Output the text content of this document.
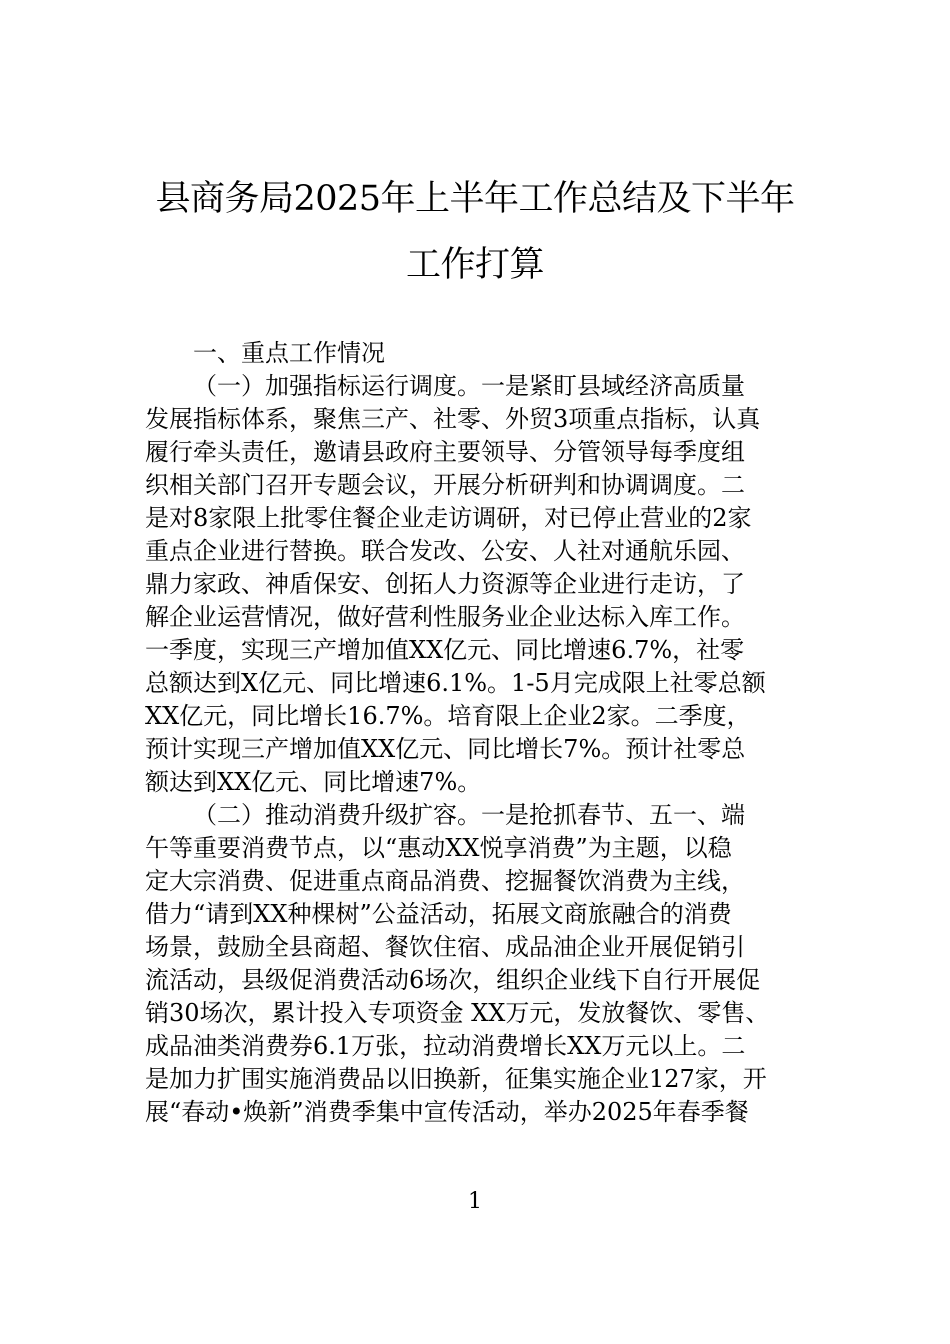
县商务局2025年上半年工作总结及下半年
工作打算
一、重点工作情况
（一）加强指标运行调度。一是紧盯县域经济高质量
发展指标体系，聚焦三产、社零、外贸3项重点指标，认真
履行牵头责任，邀请县政府主要领导、分管领导每季度组
织相关部门召开专题会议，开展分析研判和协调调度。二
是对8家限上批零住餐企业走访调研，对已停止营业的2家
重点企业进行替换。联合发改、公安、人社对通航乐园、
鼎力家政、神盾保安、创拓人力资源等企业进行走访，了
解企业运营情况，做好营利性服务业企业达标入库工作。
一季度，实现三产增加值XX亿元、同比增速6.7%，社零
总额达到X亿元、同比增速6.1%。1-5月完成限上社零总额
XX亿元，同比增长16.7%。培育限上企业2家。二季度，
预计实现三产增加值XX亿元、同比增长7%。预计社零总
额达到XX亿元、同比增速7%。
（二）推动消费升级扩容。一是抢抓春节、五一、端
午等重要消费节点，以“惠动XX悦享消费”为主题，以稳
定大宗消费、促进重点商品消费、挖掘餐饮消费为主线，
借力“请到XX种棵树”公益活动，拓展文商旅融合的消费
场景，鼓励全县商超、餐饮住宿、成品油企业开展促销引
流活动，县级促消费活动6场次，组织企业线下自行开展促
销30场次，累计投入专项资金 XX万元，发放餐饮、零售、
成品油类消费券6.1万张，拉动消费增长XX万元以上。二
是加力扩围实施消费品以旧换新，征集实施企业127家，开
展“春动•焕新”消费季集中宣传活动，举办2025年春季餐
1
